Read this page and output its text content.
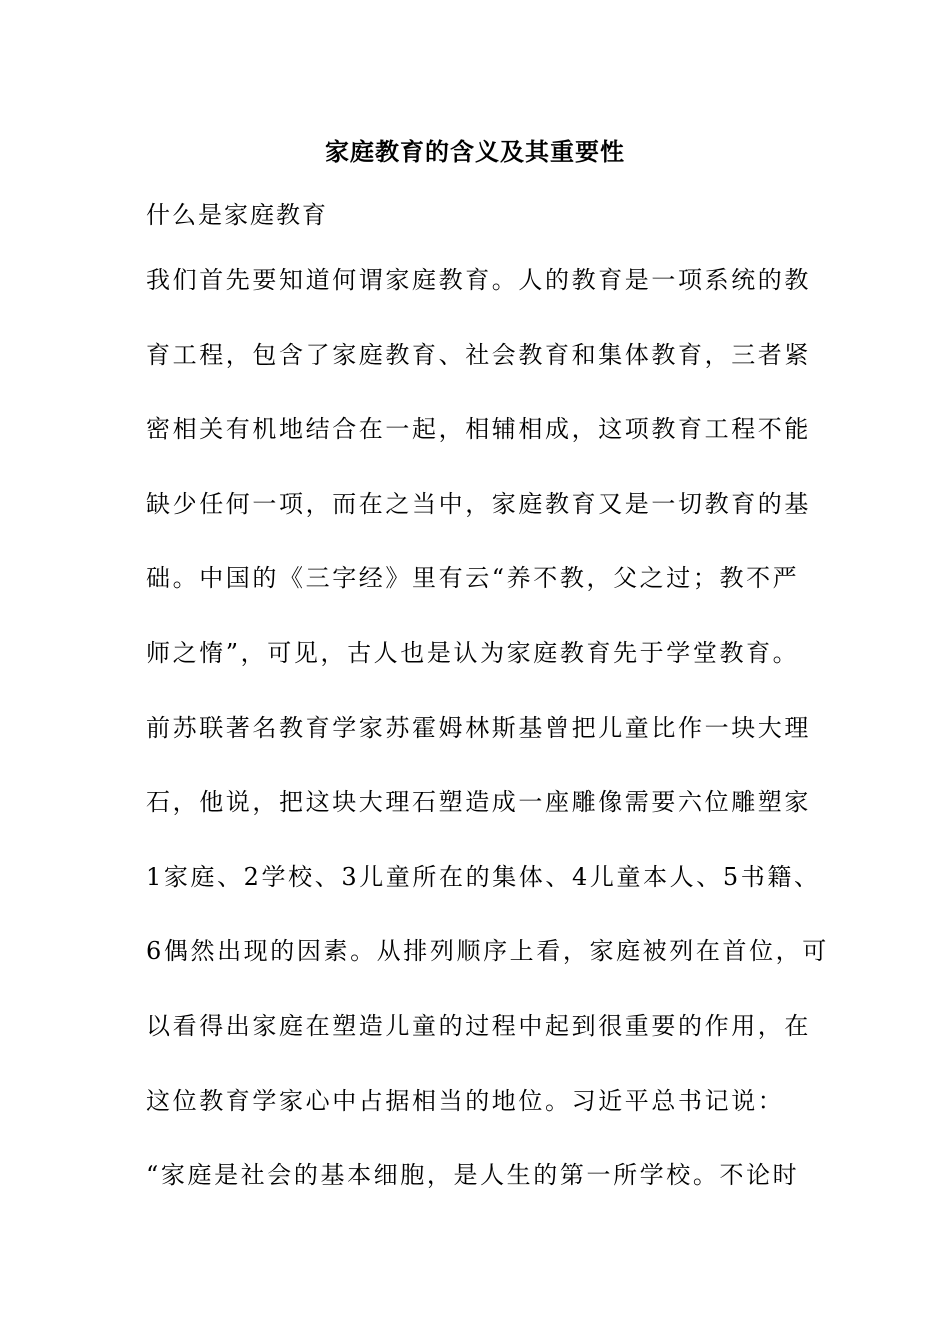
家庭教育的含义及其重要性
什么是家庭教育
我们首先要知道何谓家庭教育。人的教育是一项系统的教
育工程，包含了家庭教育、社会教育和集体教育，三者紧
密相关有机地结合在一起，相辅相成，这项教育工程不能
缺少任何一项，而在之当中，家庭教育又是一切教育的基
础。中国的《三字经》里有云“养不教，父之过；教不严
师之惰”，可见，古人也是认为家庭教育先于学堂教育。
前苏联著名教育学家苏霍姆林斯基曾把儿童比作一块大理
石，他说，把这块大理石塑造成一座雕像需要六位雕塑家
1家庭、2学校、3儿童所在的集体、4儿童本人、5书籍、
6偶然出现的因素。从排列顺序上看，家庭被列在首位，可
以看得出家庭在塑造儿童的过程中起到很重要的作用，在
这位教育学家心中占据相当的地位。习近平总书记说：
“家庭是社会的基本细胞，是人生的第一所学校。不论时
